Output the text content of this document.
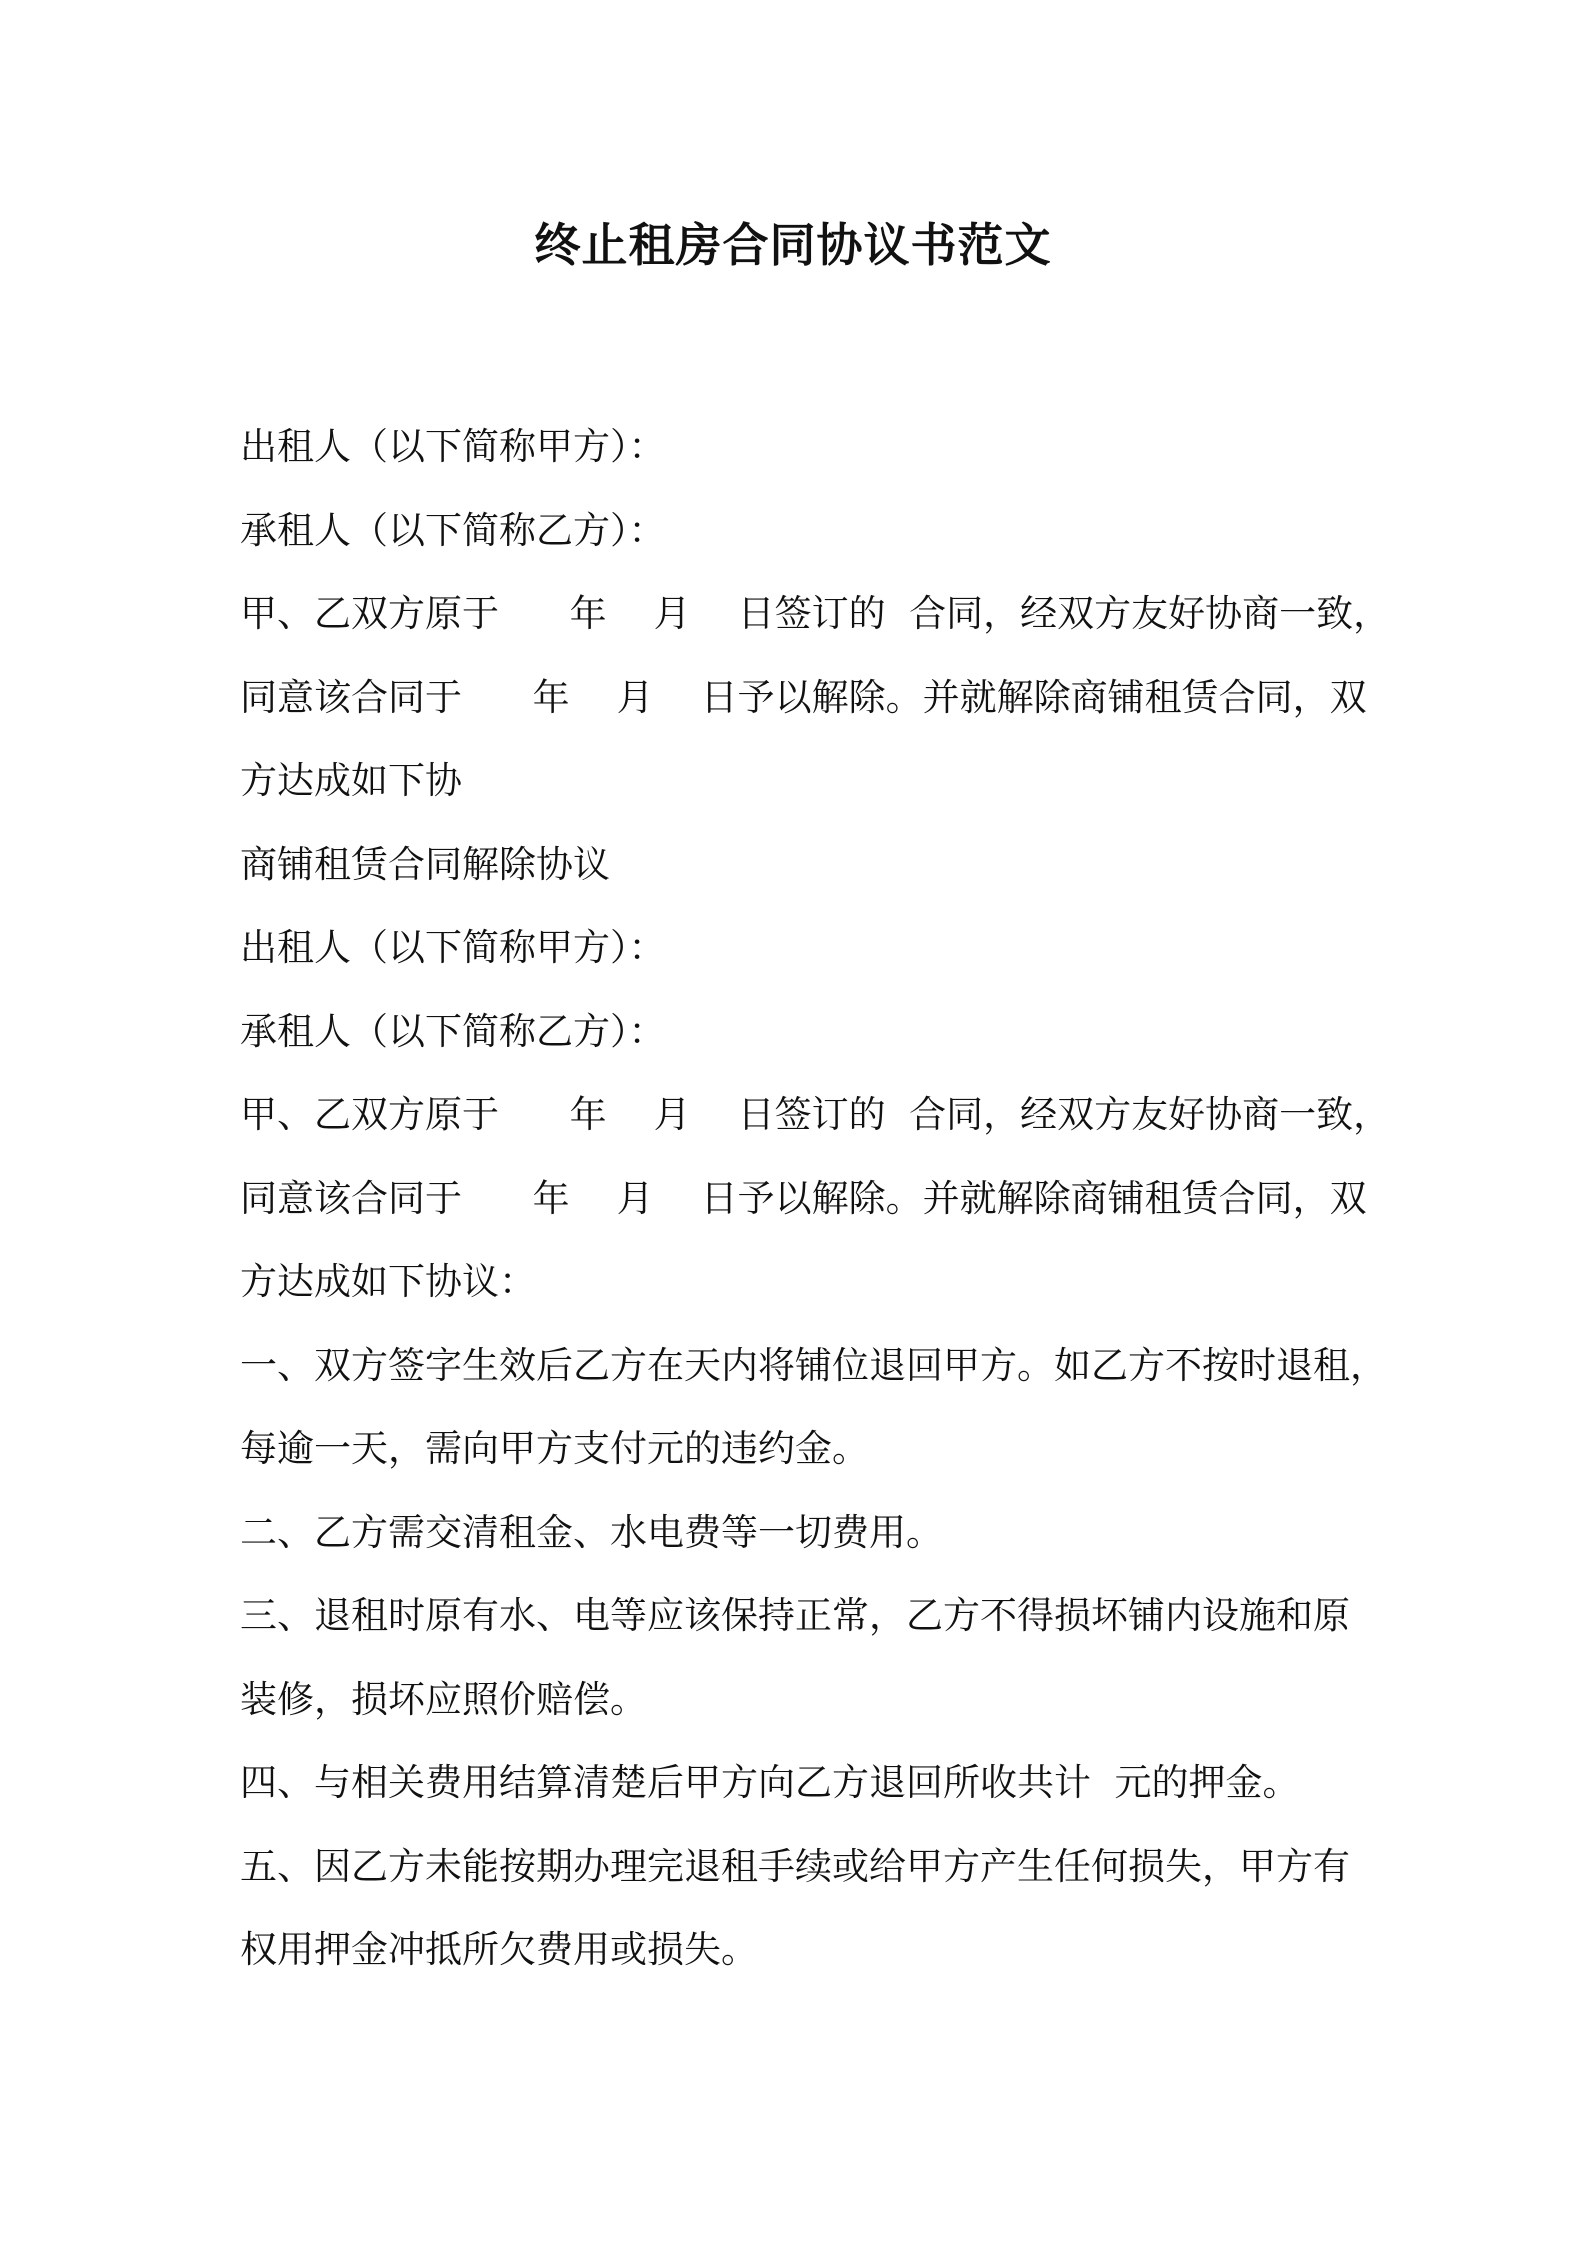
终止租房合同协议书范文
出租人（以下简称甲方）：
承租人（以下简称乙方）：
甲、乙双方原于      年    月    日签订的  合同，经双方友好协商一致，
同意该合同于      年    月    日予以解除。并就解除商铺租赁合同，双
方达成如下协
商铺租赁合同解除协议
出租人（以下简称甲方）：
承租人（以下简称乙方）：
甲、乙双方原于      年    月    日签订的  合同，经双方友好协商一致，
同意该合同于      年    月    日予以解除。并就解除商铺租赁合同，双
方达成如下协议：
一、双方签字生效后乙方在天内将铺位退回甲方。如乙方不按时退租，
每逾一天，需向甲方支付元的违约金。
二、乙方需交清租金、水电费等一切费用。
三、退租时原有水、电等应该保持正常，乙方不得损坏铺内设施和原
装修，损坏应照价赔偿。
四、与相关费用结算清楚后甲方向乙方退回所收共计  元的押金。
五、因乙方未能按期办理完退租手续或给甲方产生任何损失，甲方有
权用押金冲抵所欠费用或损失。
